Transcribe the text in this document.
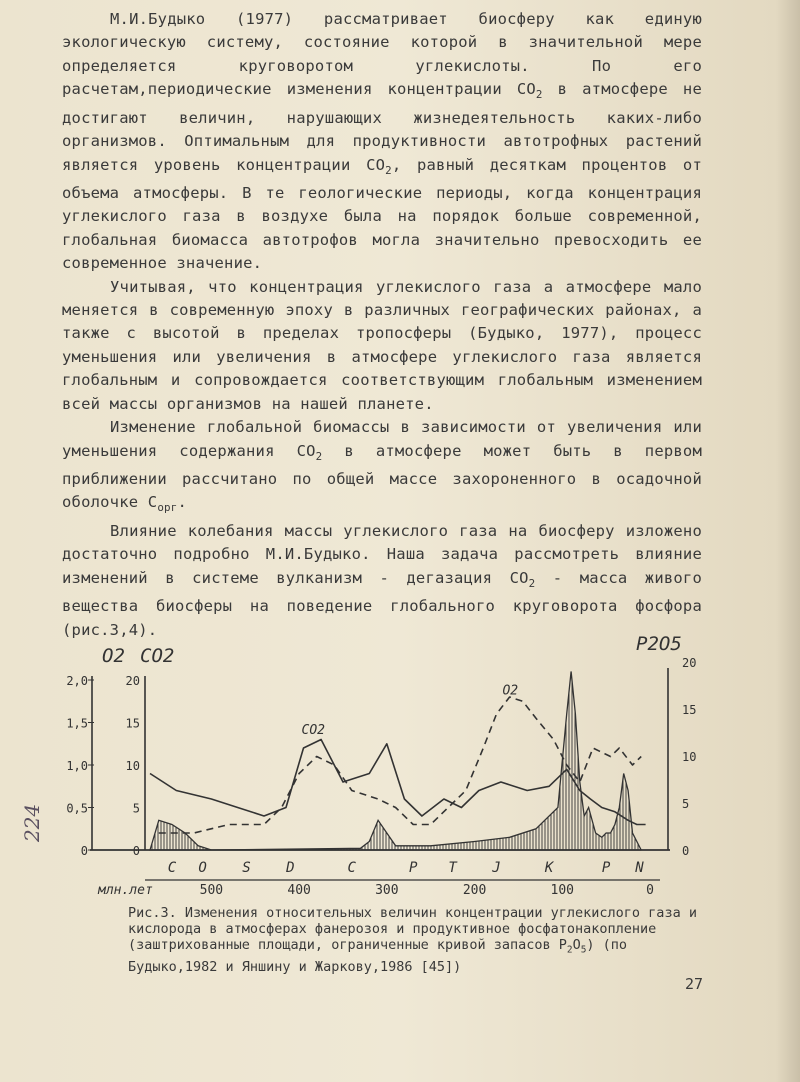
М.И.Будыко (1977) рассматривает биосферу как единую экологическую систему, состояние которой в значительной мере определяется круговоротом углекислоты. По его расчетам,периодические изменения концентрации $CO_2$ в атмосфере не достигают величин, нарушающих жизнедеятельность каких-либо организмов. Оптимальным для продуктивности автотрофных растений является уровень концентрации $CO_2$, равный десяткам процентов от объема атмосферы. В те геологические периоды, когда концентрация углекислого газа в воздухе была на порядок больше современной, глобальная биомасса автотрофов могла значительно превосходить ее современное значение.

Учитывая, что концентрация углекислого газа а атмосфере мало меняется в современную эпоху в различных географических районах, а также с высотой в пределах тропосферы (Будыко, 1977), процесс уменьшения или увеличения в атмосфере углекислого газа является глобальным и сопровождается соответствующим глобальным изменением всей массы организмов на нашей планете.

Изменение глобальной биомассы в зависимости от увеличения или уменьшения содержания $CO_2$ в атмосфере может быть в первом приближении рассчитано по общей массе захороненного в осадочной оболочке $C_{орг}$.

Влияние колебания массы углекислого газа на биосферу изложено достаточно подробно М.И.Будыко. Наша задача рассмотреть влияние изменений в системе вулканизм - дегазация $CO_2$ - масса живого вещества биосферы на поведение глобального круговорота фосфора (рис.3,4).

2,0
1,5
1,0
0,5
0
20
15
10
5
0
20
15
10
5
0
O2 CO2
P2O5
CO2
O2
500	400	300	200	100	0
млн.лет
C O	S	D	C	P T	J	K	P N
Рис.3. Изменения относительных величин концентрации углекислого газа и кислорода в атмосферах фанерозоя и продуктивное фосфатонакопление (заштрихованные площади, ограниченные кривой запасов $P_2O_5$) (по Будыко,1982 и Яншину и Жаркову,1986 [45])
27
224
